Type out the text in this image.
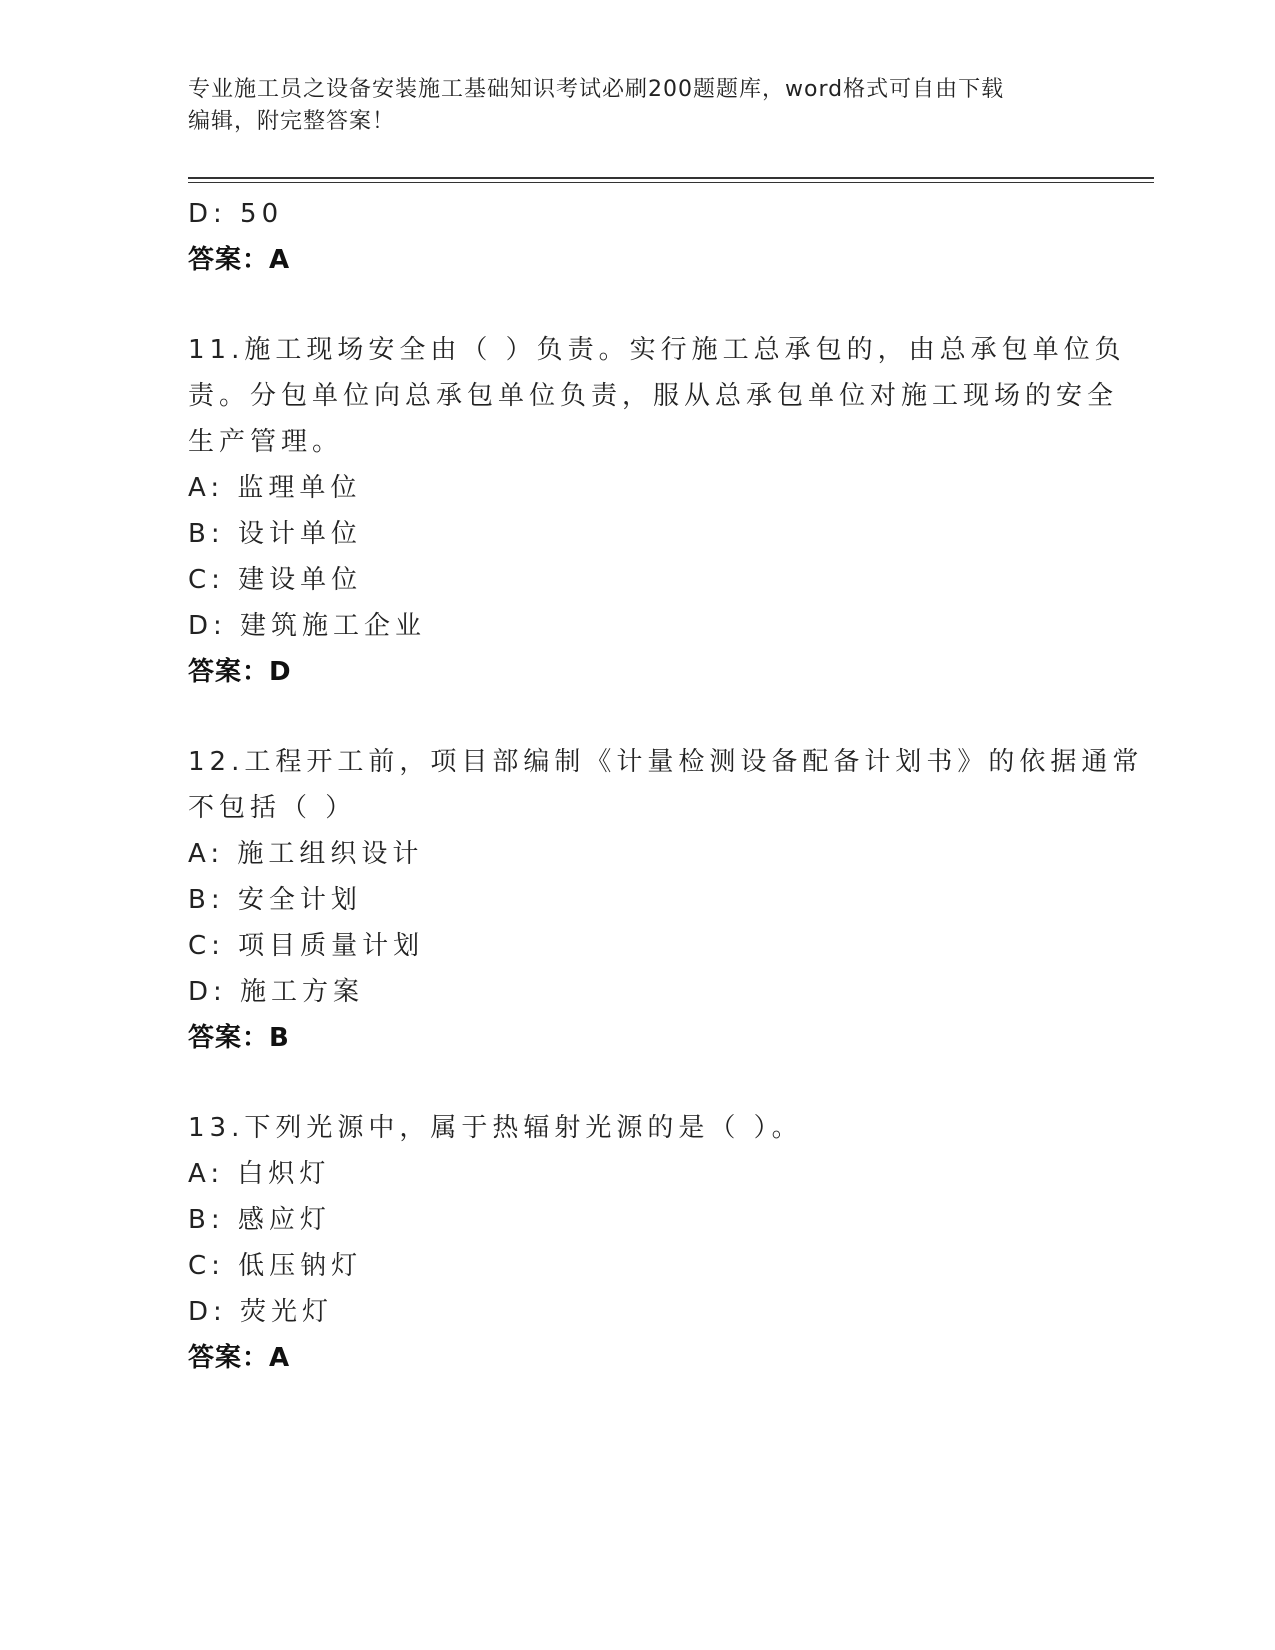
专业施工员之设备安装施工基础知识考试必刷200题题库，word格式可自由下载
编辑，附完整答案！
D: 50
答案：A
11.施工现场安全由（ ）负责。实行施工总承包的，由总承包单位负
责。分包单位向总承包单位负责，服从总承包单位对施工现场的安全
生产管理。
A: 监理单位
B: 设计单位
C: 建设单位
D: 建筑施工企业
答案：D
12.工程开工前，项目部编制《计量检测设备配备计划书》的依据通常
不包括（ ）
A: 施工组织设计
B: 安全计划
C: 项目质量计划
D: 施工方案
答案：B
13.下列光源中，属于热辐射光源的是（ ）。
A: 白炽灯
B: 感应灯
C: 低压钠灯
D: 荧光灯
答案：A
